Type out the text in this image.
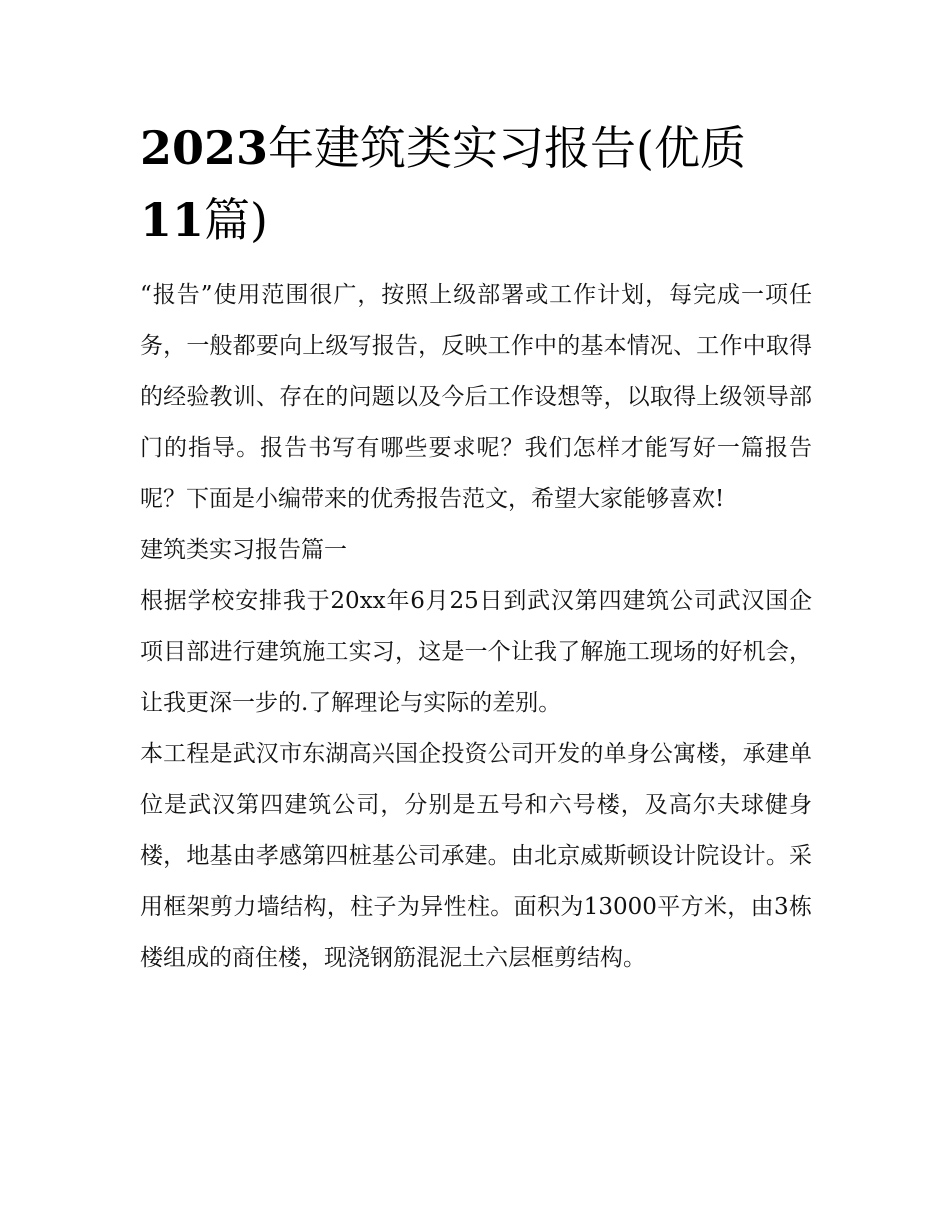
2023年建筑类实习报告(优质
11篇)

“报告”使用范围很广，按照上级部署或工作计划，每完成一项任务，一般都要向上级写报告，反映工作中的基本情况、工作中取得的经验教训、存在的问题以及今后工作设想等，以取得上级领导部门的指导。报告书写有哪些要求呢？我们怎样才能写好一篇报告呢？下面是小编带来的优秀报告范文，希望大家能够喜欢!

建筑类实习报告篇一

根据学校安排我于20xx年6月25日到武汉第四建筑公司武汉国企项目部进行建筑施工实习，这是一个让我了解施工现场的好机会，让我更深一步的.了解理论与实际的差别。

本工程是武汉市东湖高兴国企投资公司开发的单身公寓楼，承建单位是武汉第四建筑公司，分别是五号和六号楼，及高尔夫球健身楼，地基由孝感第四桩基公司承建。由北京威斯顿设计院设计。采用框架剪力墙结构，柱子为异性柱。面积为13000平方米，由3栋楼组成的商住楼，现浇钢筋混泥土六层框剪结构。
